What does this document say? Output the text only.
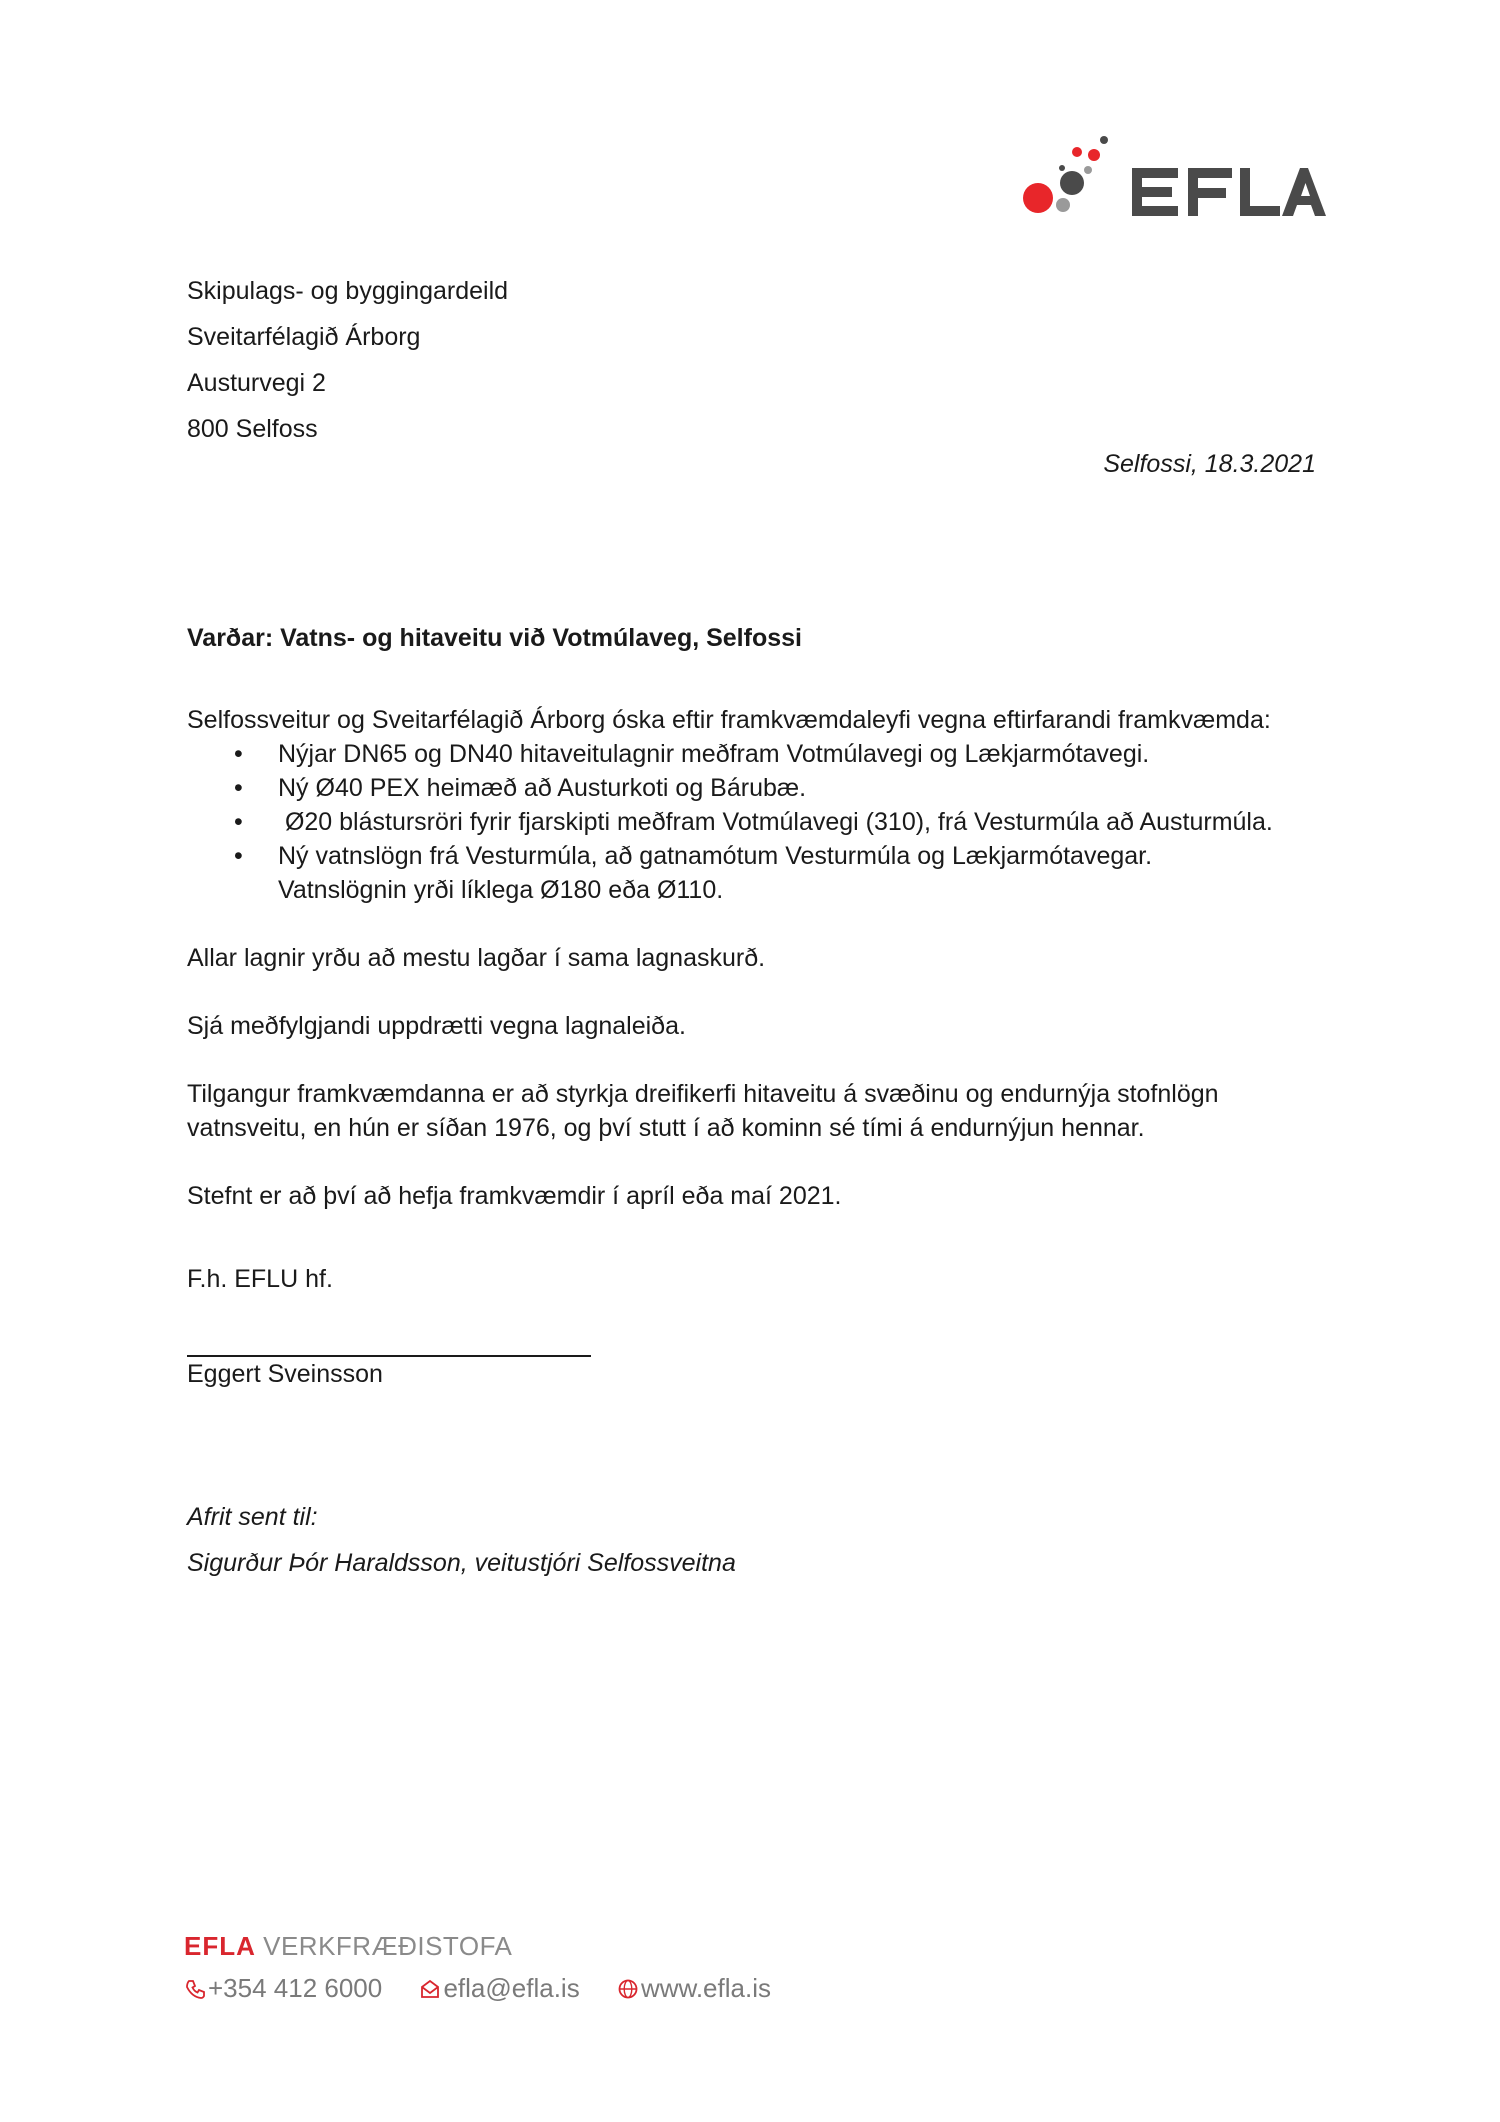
Skipulags- og byggingardeild
Sveitarfélagið Árborg
Austurvegi 2
800 Selfoss
Selfossi, 18.3.2021
Varðar: Vatns- og hitaveitu við Votmúlaveg, Selfossi

Selfossveitur og Sveitarfélagið Árborg óska eftir framkvæmdaleyfi vegna eftirfarandi framkvæmda:

• Nýjar DN65 og DN40 hitaveitulagnir meðfram Votmúlavegi og Lækjarmótavegi.
• Ný Ø40 PEX heimæð að Austurkoti og Bárubæ.
• Ø20 blástursröri fyrir fjarskipti meðfram Votmúlavegi (310), frá Vesturmúla að Austurmúla.
• Ný vatnslögn frá Vesturmúla, að gatnamótum Vesturmúla og Lækjarmótavegar.
Vatnslögnin yrði líklega Ø180 eða Ø110.

Allar lagnir yrðu að mestu lagðar í sama lagnaskurð.

Sjá meðfylgjandi uppdrætti vegna lagnaleiða.

Tilgangur framkvæmdanna er að styrkja dreifikerfi hitaveitu á svæðinu og endurnýja stofnlögn

vatnsveitu, en hún er síðan 1976, og því stutt í að kominn sé tími á endurnýjun hennar.

Stefnt er að því að hefja framkvæmdir í apríl eða maí 2021.

F.h. EFLU hf.
Eggert Sveinsson
Afrit sent til:
Sigurður Þór Haraldsson, veitustjóri Selfossveitna
EFLA VERKFRÆÐISTOFA
+354 412 6000 efla@efla.is www.efla.is
